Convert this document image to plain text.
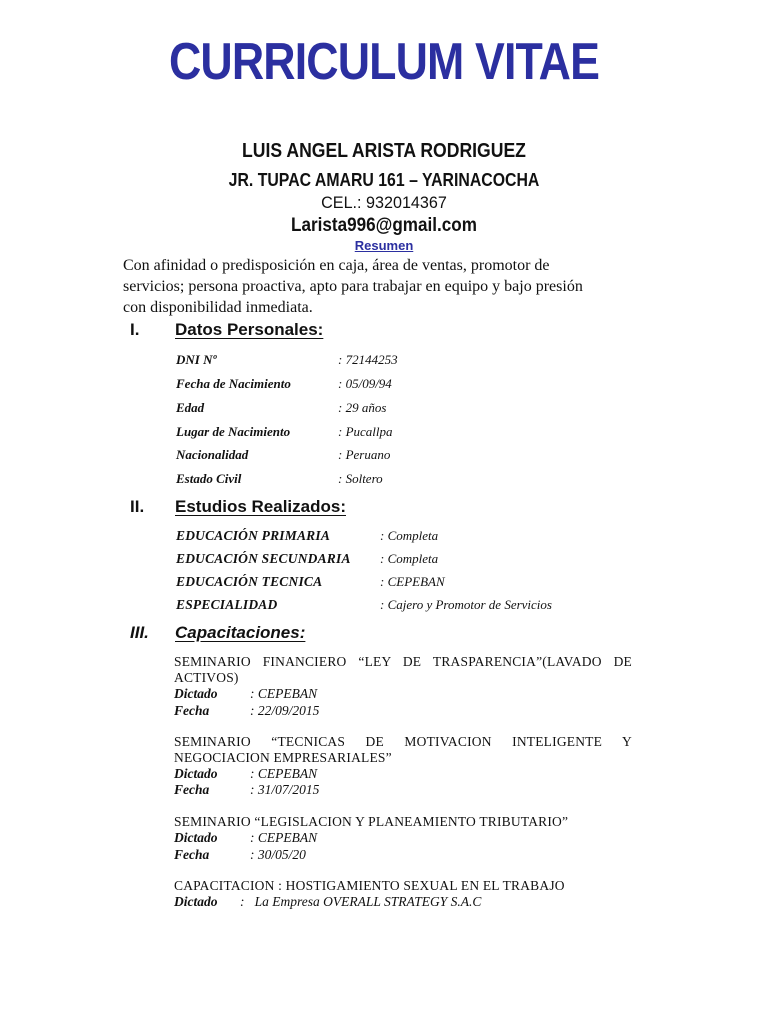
CURRICULUM VITAE
LUIS ANGEL ARISTA RODRIGUEZ
JR. TUPAC AMARU 161 – YARINACOCHA
CEL.: 932014367
Larista996@gmail.com
Resumen
Con afinidad o predisposición en caja, área de ventas, promotor de
servicios; persona proactiva, apto para trabajar en equipo y bajo presión
con disponibilidad inmediata.
I. Datos Personales:
DNI Nº	: 72144253
Fecha de Nacimiento	: 05/09/94
Edad	: 29 años
Lugar de Nacimiento	: Pucallpa
Nacionalidad	: Peruano
Estado Civil	: Soltero
II. Estudios Realizados:
EDUCACIÓN PRIMARIA	: Completa
EDUCACIÓN SECUNDARIA : Completa
EDUCACIÓN TECNICA	: CEPEBAN
ESPECIALIDAD	: Cajero y Promotor de Servicios
III. Capacitaciones:
SEMINARIO FINANCIERO “LEY DE TRASPARENCIA”(LAVADO DE
ACTIVOS)
Dictado : CEPEBAN
Fecha	: 22/09/2015
SEMINARIO “TECNICAS DE MOTIVACION INTELIGENTE Y
NEGOCIACION EMPRESARIALES”
Dictado : CEPEBAN
Fecha	: 31/07/2015
SEMINARIO “LEGISLACION Y PLANEAMIENTO TRIBUTARIO”
Dictado : CEPEBAN
Fecha	: 30/05/20
CAPACITACION : HOSTIGAMIENTO SEXUAL EN EL TRABAJO
Dictado :   La Empresa OVERALL STRATEGY S.A.C
